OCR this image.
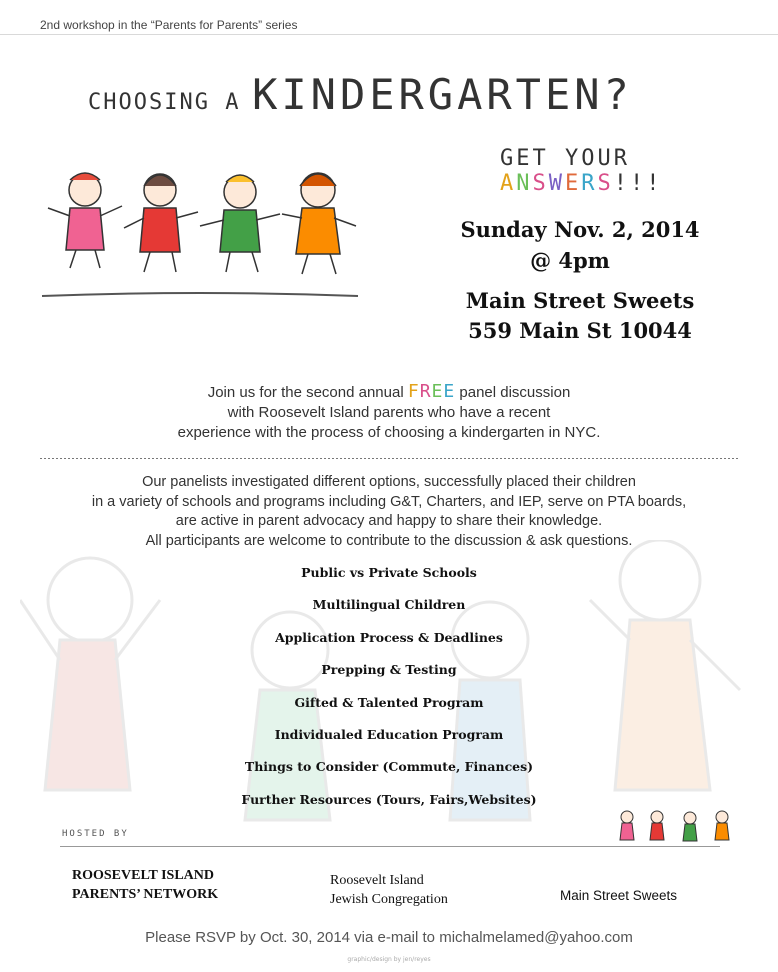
2nd workshop in the “Parents for Parents” series
CHOOSING A KINDERGARTEN?
GET YOUR ANSWERS!!!
Sunday Nov. 2, 2014
@ 4pm
Main Street Sweets
559 Main St 10044
Join us for the second annual FREE panel discussion
with Roosevelt Island parents who have a recent
experience with the process of choosing a kindergarten in NYC.
Our panelists investigated different options, successfully placed their children
in a variety of schools and programs including G&T, Charters, and IEP, serve on PTA boards,
are active in parent advocacy and happy to share their knowledge.
All participants are welcome to contribute to the discussion & ask questions.
Public vs Private Schools
Multilingual Children
Application Process & Deadlines
Prepping & Testing
Gifted & Talented Program
Individualed Education Program
Things to Consider (Commute, Finances)
Further Resources (Tours, Fairs,Websites)
HOSTED BY
ROOSEVELT ISLAND
PARENTS’ NETWORK
Roosevelt Island
Jewish Congregation	Main Street Sweets
Please RSVP by Oct. 30, 2014 via e-mail to michalmelamed@yahoo.com
graphic/design by jen/reyes
